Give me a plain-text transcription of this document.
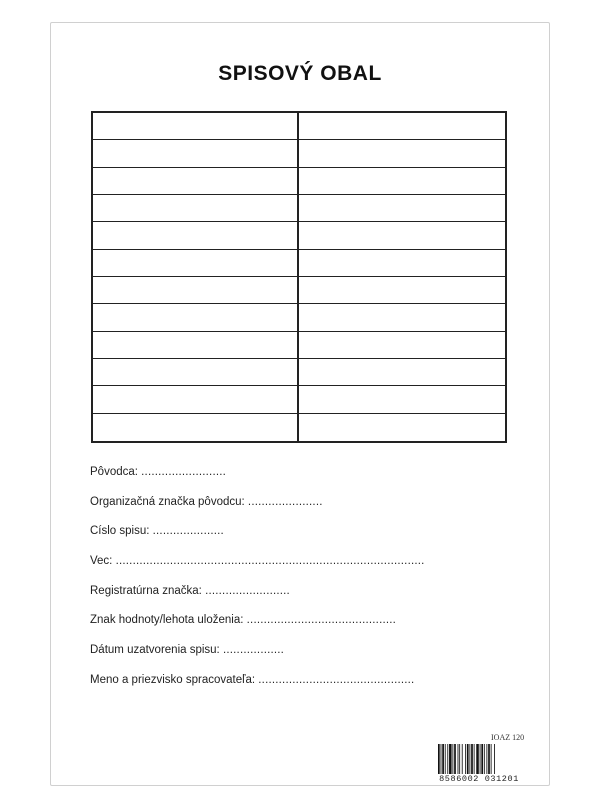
SPISOVÝ OBAL
Pôvodca: .........................
Organizačná značka pôvodcu: ......................
Číslo spisu: .....................
Vec: ...........................................................................................
Registratúrna značka: .........................
Znak hodnoty/lehota uloženia: ............................................
Dátum uzatvorenia spisu: ..................
Meno a priezvisko spracovateľa: ..............................................
IOAZ 120
8586002 031201
